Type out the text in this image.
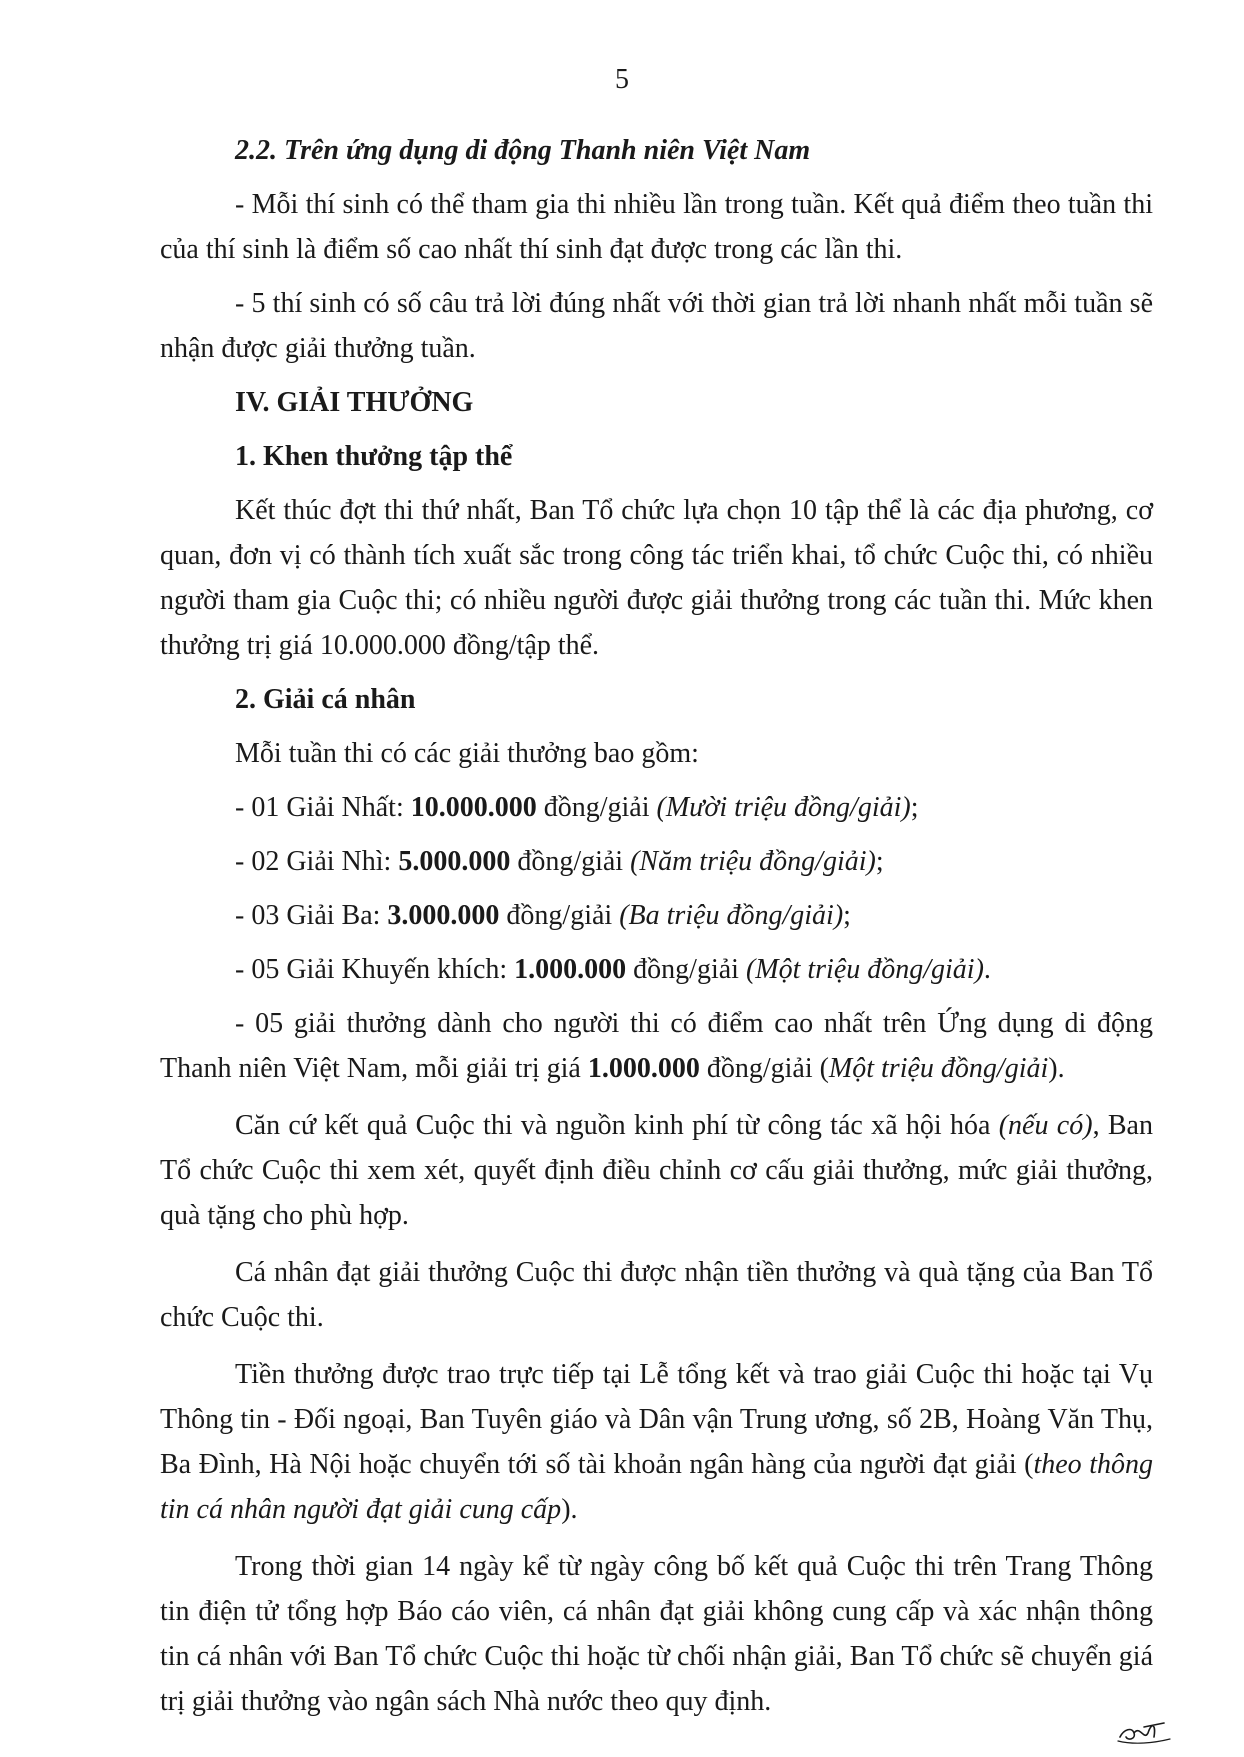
5

2.2. Trên ứng dụng di động Thanh niên Việt Nam

- Mỗi thí sinh có thể tham gia thi nhiều lần trong tuần. Kết quả điểm theo tuần thi của thí sinh là điểm số cao nhất thí sinh đạt được trong các lần thi.

- 5 thí sinh có số câu trả lời đúng nhất với thời gian trả lời nhanh nhất mỗi tuần sẽ nhận được giải thưởng tuần.

IV. GIẢI THƯỞNG

1. Khen thưởng tập thể

Kết thúc đợt thi thứ nhất, Ban Tổ chức lựa chọn 10 tập thể là các địa phương, cơ quan, đơn vị có thành tích xuất sắc trong công tác triển khai, tổ chức Cuộc thi, có nhiều người tham gia Cuộc thi; có nhiều người được giải thưởng trong các tuần thi. Mức khen thưởng trị giá 10.000.000 đồng/tập thể.

2. Giải cá nhân

Mỗi tuần thi có các giải thưởng bao gồm:

- 01 Giải Nhất: 10.000.000 đồng/giải (Mười triệu đồng/giải);

- 02 Giải Nhì: 5.000.000 đồng/giải (Năm triệu đồng/giải);

- 03 Giải Ba: 3.000.000 đồng/giải (Ba triệu đồng/giải);

- 05 Giải Khuyến khích: 1.000.000 đồng/giải (Một triệu đồng/giải).

- 05 giải thưởng dành cho người thi có điểm cao nhất trên Ứng dụng di động Thanh niên Việt Nam, mỗi giải trị giá 1.000.000 đồng/giải (Một triệu đồng/giải).

Căn cứ kết quả Cuộc thi và nguồn kinh phí từ công tác xã hội hóa (nếu có), Ban Tổ chức Cuộc thi xem xét, quyết định điều chỉnh cơ cấu giải thưởng, mức giải thưởng, quà tặng cho phù hợp.

Cá nhân đạt giải thưởng Cuộc thi được nhận tiền thưởng và quà tặng của Ban Tổ chức Cuộc thi.

Tiền thưởng được trao trực tiếp tại Lễ tổng kết và trao giải Cuộc thi hoặc tại Vụ Thông tin - Đối ngoại, Ban Tuyên giáo và Dân vận Trung ương, số 2B, Hoàng Văn Thụ, Ba Đình, Hà Nội hoặc chuyển tới số tài khoản ngân hàng của người đạt giải (theo thông tin cá nhân người đạt giải cung cấp).

Trong thời gian 14 ngày kể từ ngày công bố kết quả Cuộc thi trên Trang Thông tin điện tử tổng hợp Báo cáo viên, cá nhân đạt giải không cung cấp và xác nhận thông tin cá nhân với Ban Tổ chức Cuộc thi hoặc từ chối nhận giải, Ban Tổ chức sẽ chuyển giá trị giải thưởng vào ngân sách Nhà nước theo quy định.
